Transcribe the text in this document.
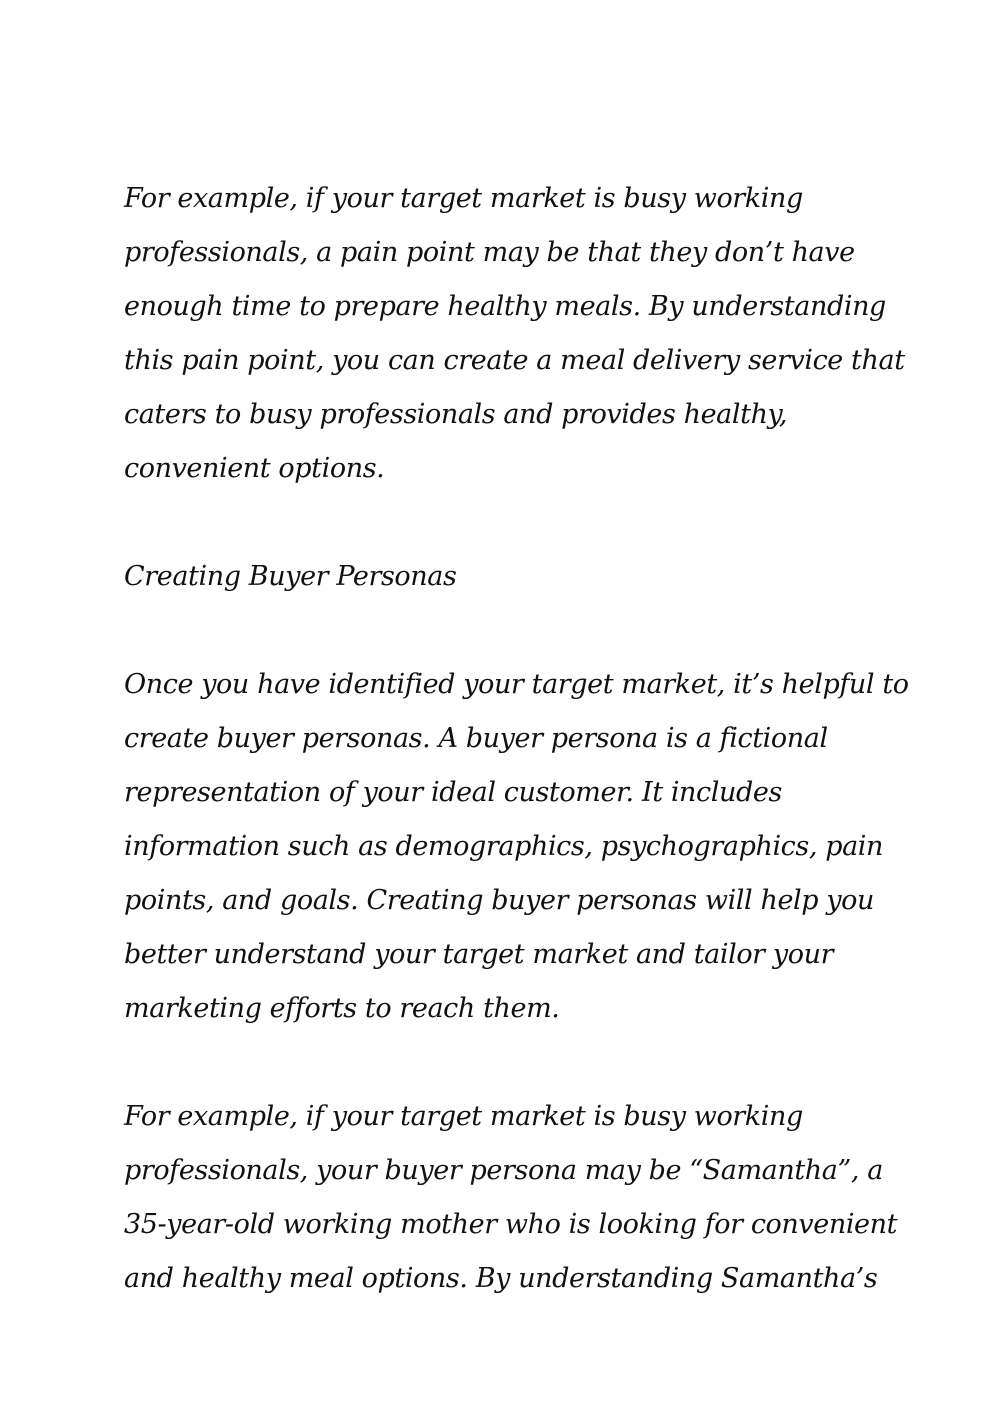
For example, if your target market is busy working
professionals, a pain point may be that they don’t have
enough time to prepare healthy meals. By understanding
this pain point, you can create a meal delivery service that
caters to busy professionals and provides healthy,
convenient options.
Creating Buyer Personas
Once you have identified your target market, it’s helpful to
create buyer personas. A buyer persona is a fictional
representation of your ideal customer. It includes
information such as demographics, psychographics, pain
points, and goals. Creating buyer personas will help you
better understand your target market and tailor your
marketing efforts to reach them.
For example, if your target market is busy working
professionals, your buyer persona may be “Samantha”, a
35-year-old working mother who is looking for convenient
and healthy meal options. By understanding Samantha’s
